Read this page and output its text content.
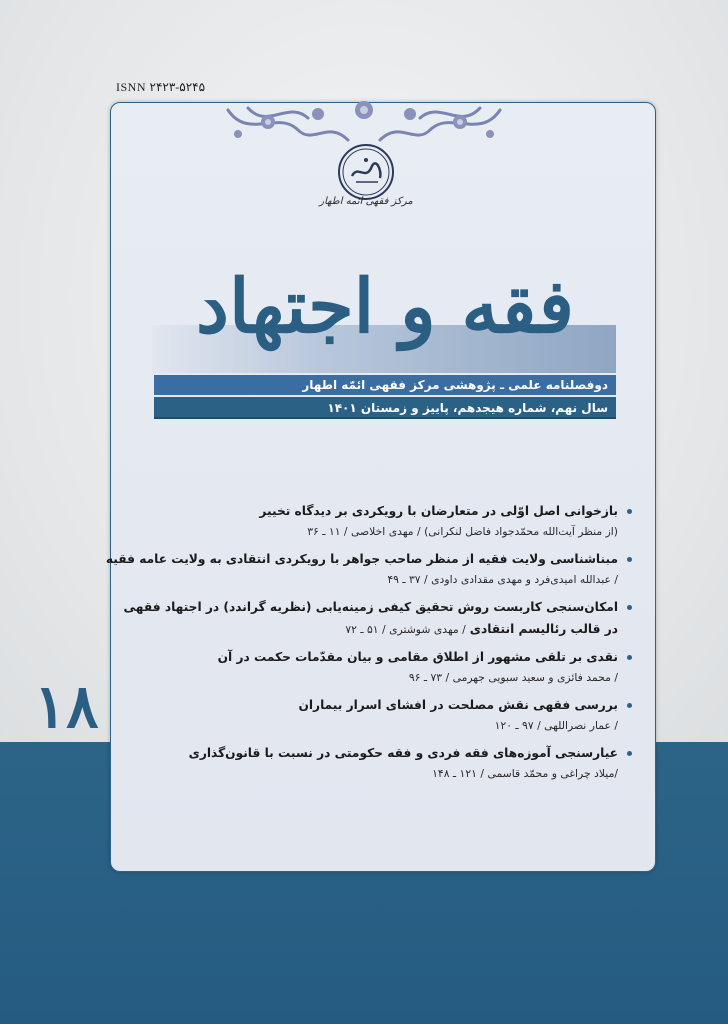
ISNN ۲۴۲۳-۵۲۴۵
مرکز فقهی ائمه اطهار
فقه و اجتهاد
دوفصلنامه علمی ـ پژوهشی مرکز فقهی ائمّه اطهار
سال نهم، شماره هیجدهم، پاییز و زمستان ۱۴۰۱
بازخوانی اصل اوّلی در متعارضان با رویکردی بر دیدگاه تخییر
(از منظر آیت‌الله محمّدجواد فاضل لنکرانی) / مهدی اخلاصی / ۱۱ ـ ۳۶
مبناشناسی ولایت فقیه از منظر صاحب جواهر با رویکردی انتقادی به ولایت عامه فقیه
/ عبدالله امیدی‌فرد و مهدی مقدادی داودی / ۳۷ ـ ۴۹
امکان‌سنجی کاربست روش تحقیق کیفی زمینه‌یابی (نظریه گراندد) در اجتهاد فقهی
در قالب رئالیسم انتقادی/ مهدی شوشتری / ۵۱ ـ ۷۲
نقدی بر تلقی مشهور از اطلاق مقامی و بیان مقدّمات حکمت در آن
/ محمد فائزی و سعید سبویی جهرمی / ۷۳ ـ ۹۶
بررسی فقهی نقش مصلحت در افشای اسرار بیماران
/ عمار نصراللهی / ۹۷ ـ ۱۲۰
عیارسنجی آموزه‌های فقه فردی و فقه حکومتی در نسبت با قانون‌گذاری
/میلاد چراغی و محمّد قاسمی / ۱۲۱ ـ ۱۴۸
۱۸
